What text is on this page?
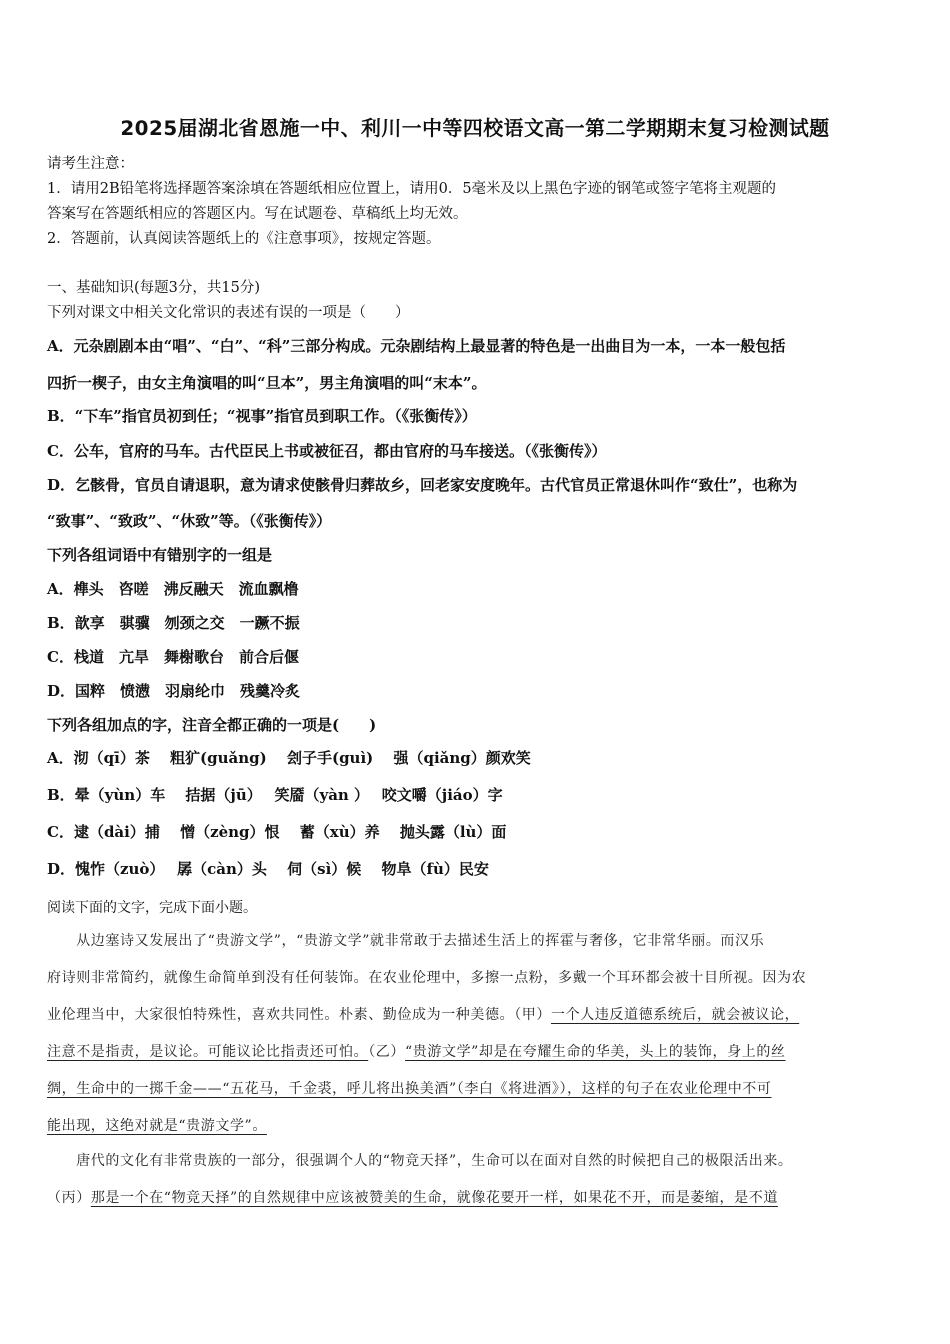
2025届湖北省恩施一中、利川一中等四校语文高一第二学期期末复习检测试题
请考生注意：
1．请用2B铅笔将选择题答案涂填在答题纸相应位置上，请用0．5毫米及以上黑色字迹的钢笔或签字笔将主观题的
答案写在答题纸相应的答题区内。写在试题卷、草稿纸上均无效。
2．答题前，认真阅读答题纸上的《注意事项》，按规定答题。
一、基础知识(每题3分，共15分)
下列对课文中相关文化常识的表述有误的一项是（　　）
A．元杂剧剧本由“唱”、“白”、“科”三部分构成。元杂剧结构上最显著的特色是一出曲目为一本，一本一般包括
四折一楔子，由女主角演唱的叫“旦本”，男主角演唱的叫“末本”。
B．“下车”指官员初到任；“视事”指官员到职工作。（《张衡传》）
C．公车，官府的马车。古代臣民上书或被征召，都由官府的马车接送。（《张衡传》）
D．乞骸骨，官员自请退职，意为请求使骸骨归葬故乡，回老家安度晚年。古代官员正常退休叫作“致仕”，也称为
“致事”、“致政”、“休致”等。（《张衡传》）
下列各组词语中有错别字的一组是
A．榫头　咨嗟　沸反融天　流血飘橹
B．歆享　骐骥　刎颈之交　一蹶不振
C．栈道　亢旱　舞榭歌台　前合后偃
D．国粹　愤懑　羽扇纶巾　残羹冷炙
下列各组加点的字，注音全都正确的一项是(　　)
A．沏（qī）茶　 粗犷(guǎng)　 刽子手(guì)　 强（qiǎng）颜欢笑
B．晕（yùn）车　 拮据（jū）　 笑靥（yàn ）　 咬文嚼（jiáo）字
C．逮（dài）捕　 憎（zèng）恨　 蓄（xù）养　 抛头露（lù）面
D．愧怍（zuò）　 孱（càn）头　 伺（sì）候　 物阜（fù）民安
阅读下面的文字，完成下面小题。
　　从边塞诗又发展出了“贵游文学”，“贵游文学”就非常敢于去描述生活上的挥霍与奢侈，它非常华丽。而汉乐
府诗则非常简约，就像生命简单到没有任何装饰。在农业伦理中，多擦一点粉，多戴一个耳环都会被十目所视。因为农
业伦理当中，大家很怕特殊性，喜欢共同性。朴素、勤俭成为一种美德。（甲）一个人违反道德系统后，就会被议论，
注意不是指责，是议论。可能议论比指责还可怕。（乙）“贵游文学”却是在夸耀生命的华美，头上的装饰，身上的丝
绸，生命中的一掷千金——“五花马，千金裘，呼儿将出换美酒”（李白《将进酒》），这样的句子在农业伦理中不可
能出现，这绝对就是“贵游文学”。
　　唐代的文化有非常贵族的一部分，很强调个人的“物竞天择”，生命可以在面对自然的时候把自己的极限活出来。
（丙）那是一个在“物竞天择”的自然规律中应该被赞美的生命，就像花要开一样，如果花不开，而是萎缩，是不道
